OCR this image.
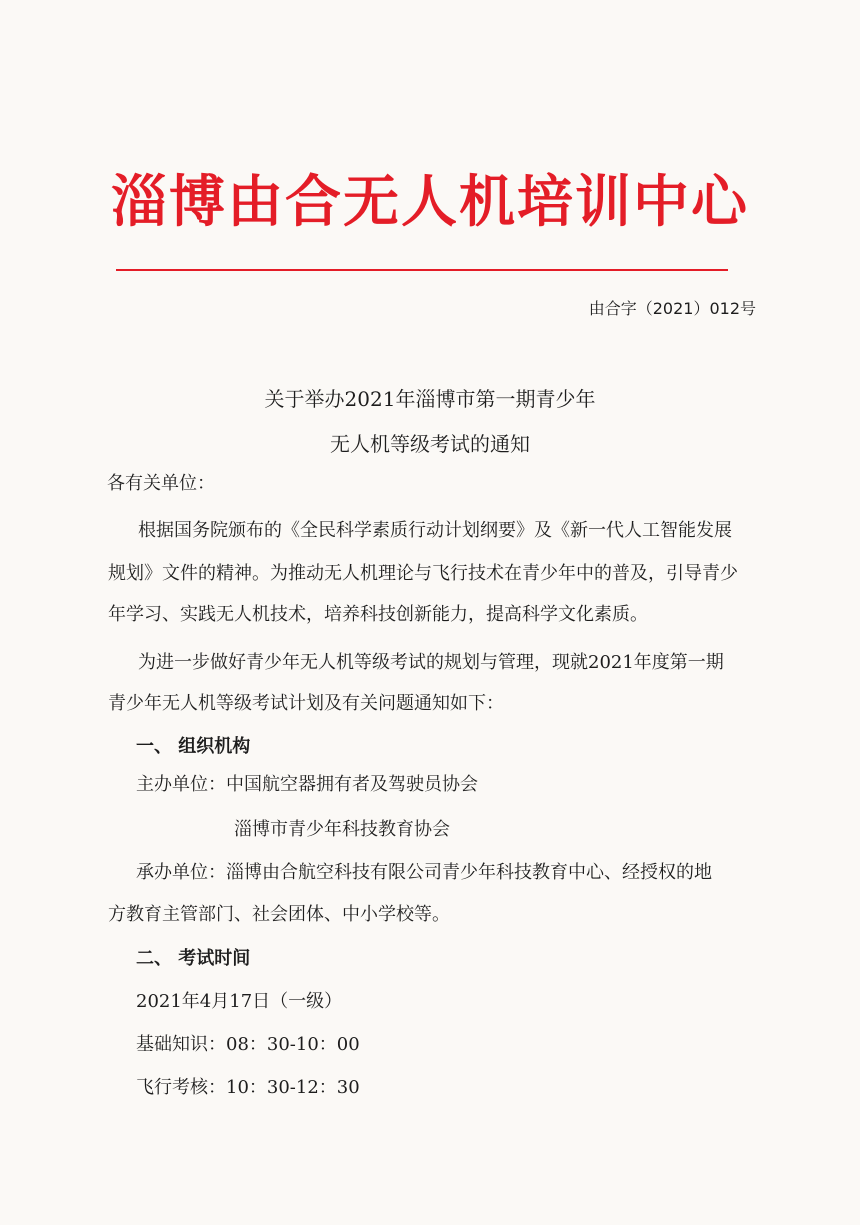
淄博由合无人机培训中心
由合字（2021）012号
关于举办2021年淄博市第一期青少年
无人机等级考试的通知
各有关单位：
根据国务院颁布的《全民科学素质行动计划纲要》及《新一代人工智能发展
规划》文件的精神。为推动无人机理论与飞行技术在青少年中的普及，引导青少
年学习、实践无人机技术，培养科技创新能力，提高科学文化素质。
为进一步做好青少年无人机等级考试的规划与管理，现就2021年度第一期
青少年无人机等级考试计划及有关问题通知如下：
一、 组织机构
主办单位：中国航空器拥有者及驾驶员协会
淄博市青少年科技教育协会
承办单位：淄博由合航空科技有限公司青少年科技教育中心、经授权的地
方教育主管部门、社会团体、中小学校等。
二、 考试时间
2021年4月17日（一级）
基础知识：08：30-10：00
飞行考核：10：30-12：30
